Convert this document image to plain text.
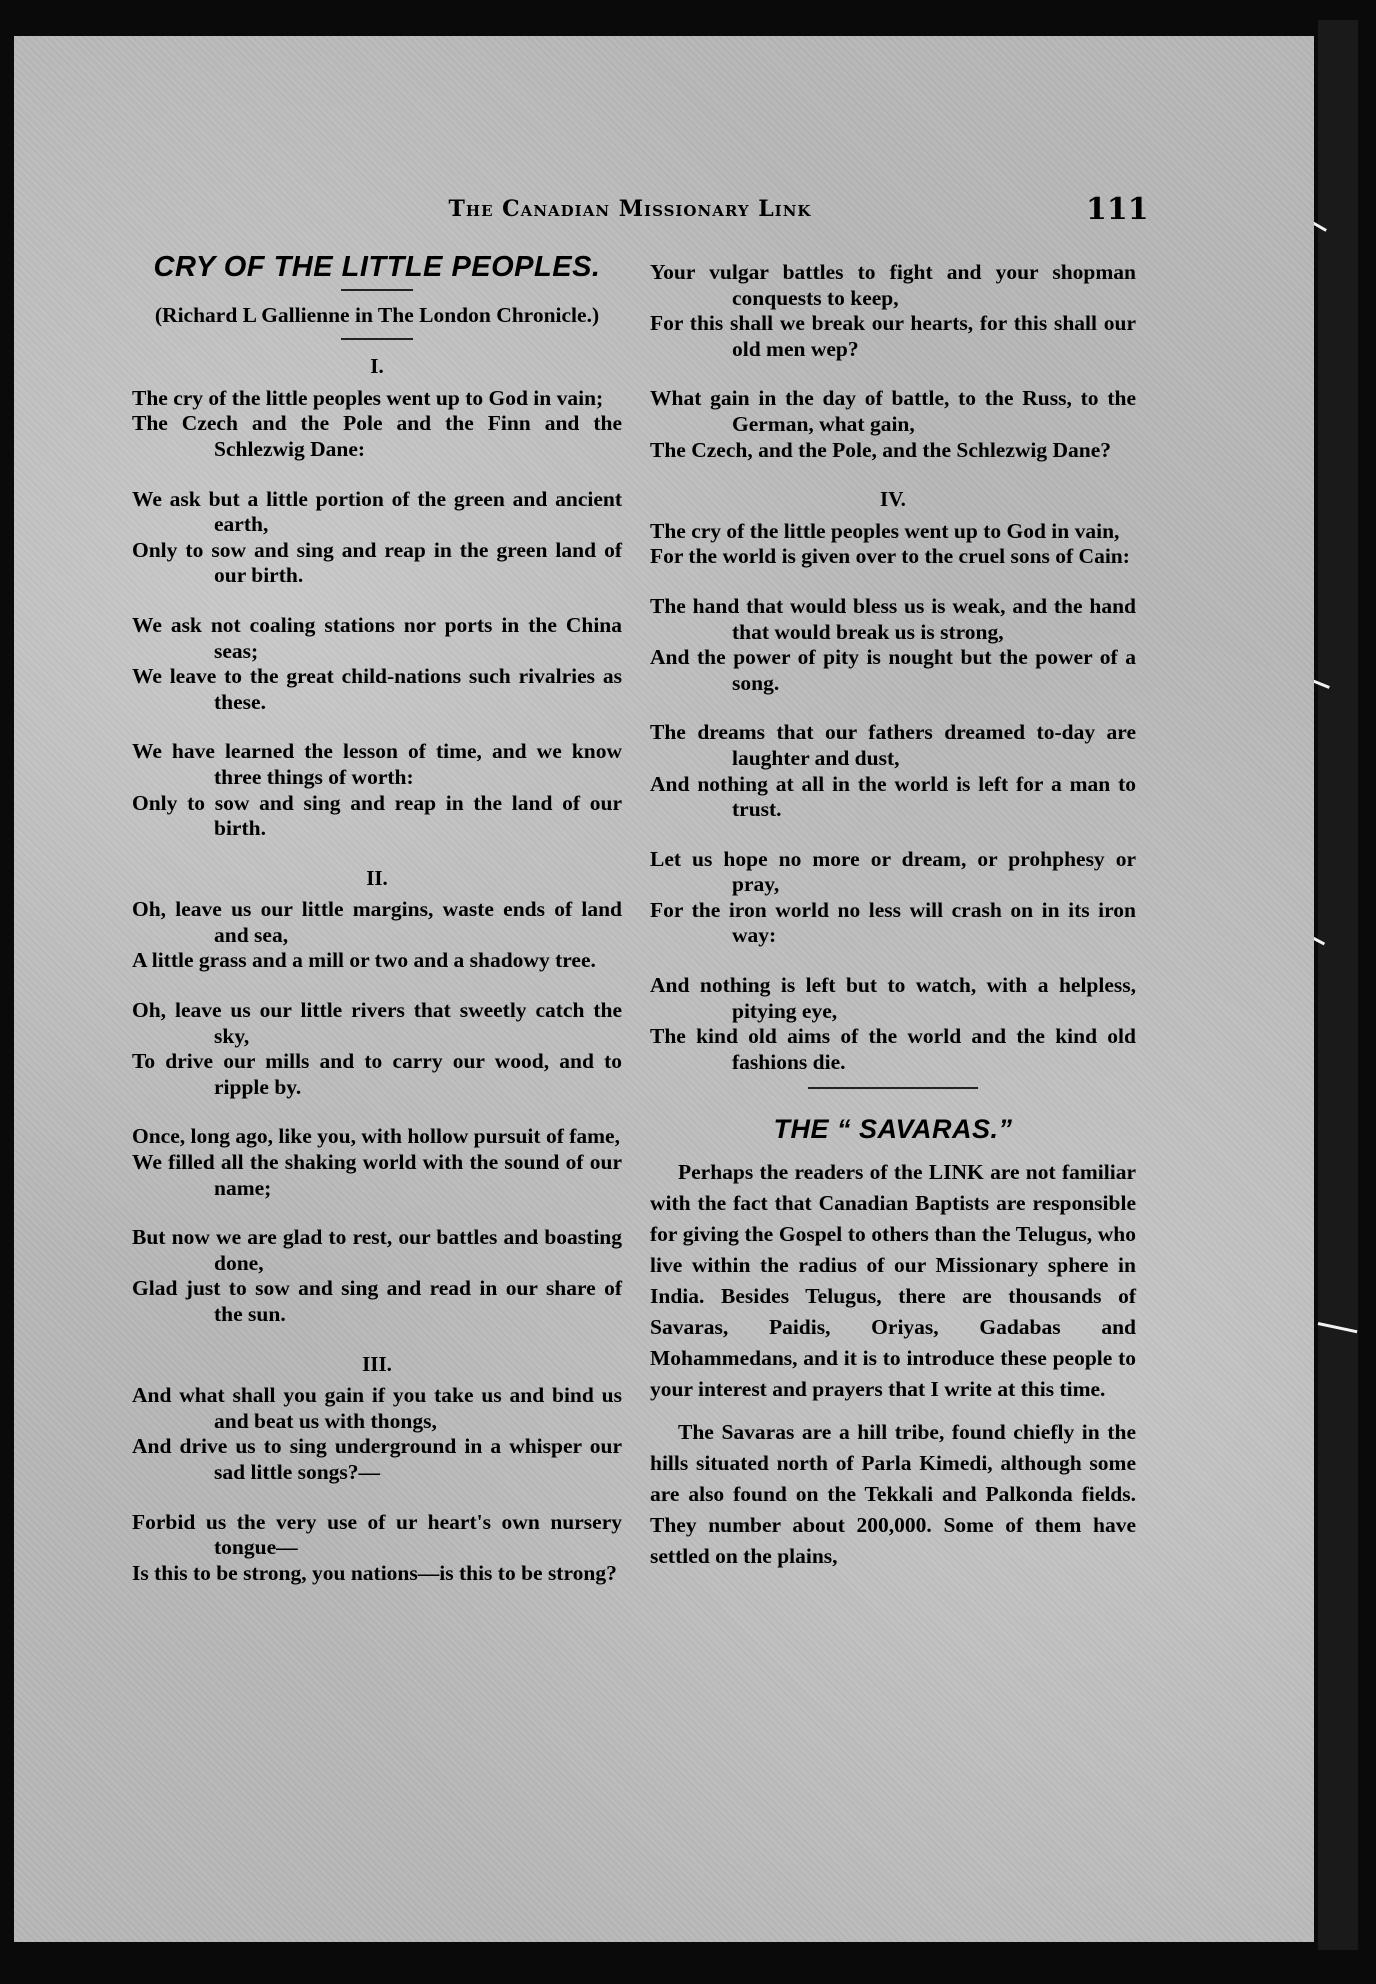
The Canadian Missionary Link	111
CRY OF THE LITTLE PEOPLES.
(Richard L Gallienne in The London Chronicle.)
I.
The cry of the little peoples went up to God in vain;
The Czech and the Pole and the Finn and the Schlezwig Dane:
We ask but a little portion of the green and ancient earth,
Only to sow and sing and reap in the green land of our birth.
We ask not coaling stations nor ports in the China seas;
We leave to the great child-nations such rivalries as these.
We have learned the lesson of time, and we know three things of worth:
Only to sow and sing and reap in the land of our birth.
II.
Oh, leave us our little margins, waste ends of land and sea,
A little grass and a mill or two and a shadowy tree.
Oh, leave us our little rivers that sweetly catch the sky,
To drive our mills and to carry our wood, and to ripple by.
Once, long ago, like you, with hollow pursuit of fame,
We filled all the shaking world with the sound of our name;
But now we are glad to rest, our battles and boasting done,
Glad just to sow and sing and read in our share of the sun.
III.
And what shall you gain if you take us and bind us and beat us with thongs,
And drive us to sing underground in a whisper our sad little songs?—
Forbid us the very use of ur heart's own nursery tongue—
Is this to be strong, you nations—is this to be strong?
Your vulgar battles to fight and your shopman conquests to keep,
For this shall we break our hearts, for this shall our old men wep?
What gain in the day of battle, to the Russ, to the German, what gain,
The Czech, and the Pole, and the Schlezwig Dane?
IV.
The cry of the little peoples went up to God in vain,
For the world is given over to the cruel sons of Cain:
The hand that would bless us is weak, and the hand that would break us is strong,
And the power of pity is nought but the power of a song.
The dreams that our fathers dreamed to-day are laughter and dust,
And nothing at all in the world is left for a man to trust.
Let us hope no more or dream, or prohphesy or pray,
For the iron world no less will crash on in its iron way:
And nothing is left but to watch, with a helpless, pitying eye,
The kind old aims of the world and the kind old fashions die.
THE “ SAVARAS.”

Perhaps the readers of the LINK are not familiar with the fact that Canadian Baptists are responsible for giving the Gospel to others than the Telugus, who live within the radius of our Missionary sphere in India. Besides Telugus, there are thousands of Savaras, Paidis, Oriyas, Gadabas and Mohammedans, and it is to introduce these people to your interest and prayers that I write at this time.

The Savaras are a hill tribe, found chiefly in the hills situated north of Parla Kimedi, although some are also found on the Tekkali and Palkonda fields. They number about 200,000. Some of them have settled on the plains,
